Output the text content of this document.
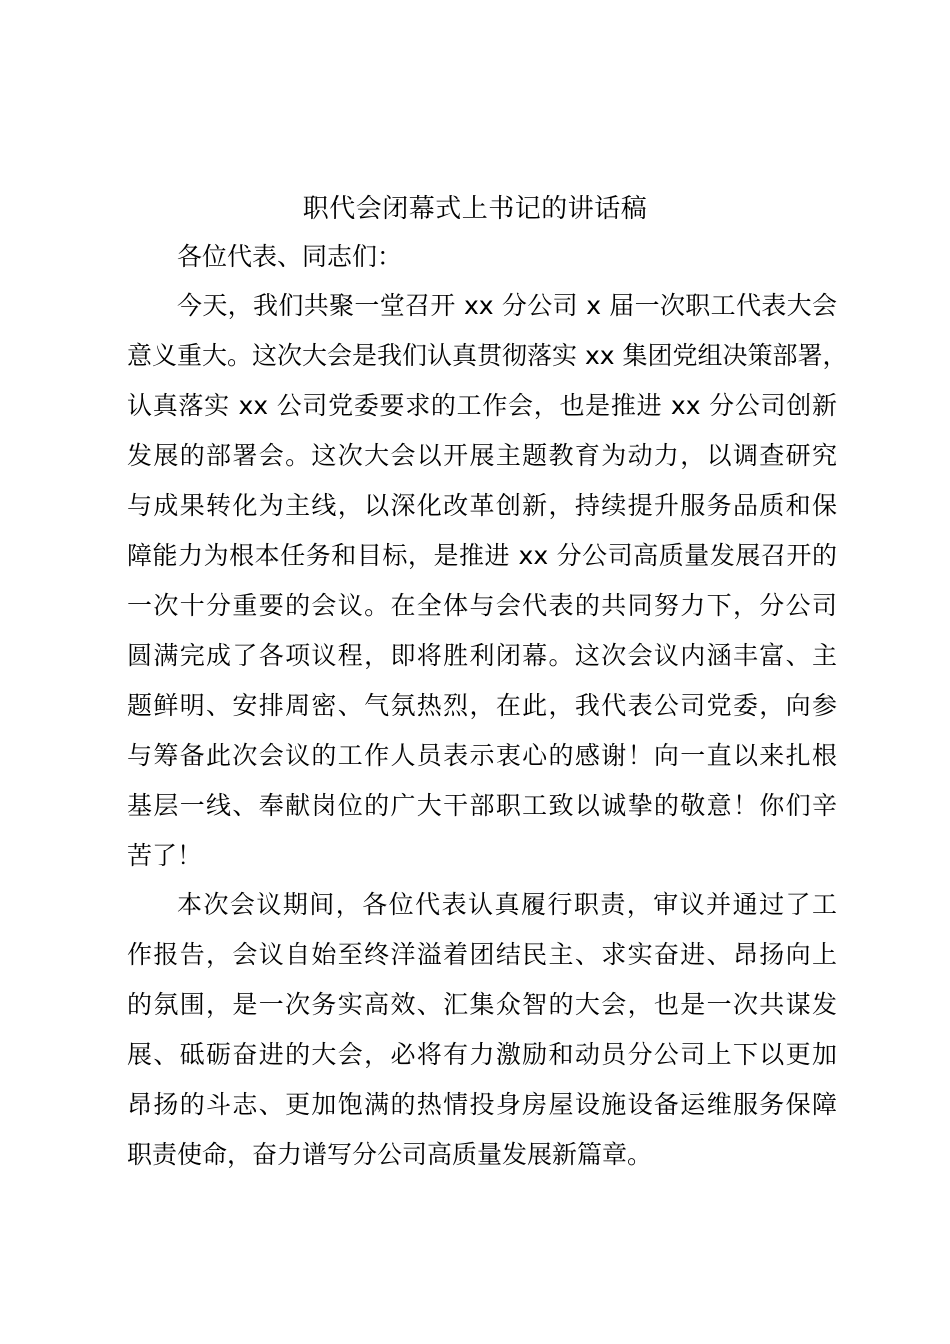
职代会闭幕式上书记的讲话稿
各位代表、同志们：
今天，我们共聚一堂召开 xx 分公司 x 届一次职工代表大会
意义重大。这次大会是我们认真贯彻落实 xx 集团党组决策部署，
认真落实 xx 公司党委要求的工作会，也是推进 xx 分公司创新
发展的部署会。这次大会以开展主题教育为动力，以调查研究
与成果转化为主线，以深化改革创新，持续提升服务品质和保
障能力为根本任务和目标，是推进 xx 分公司高质量发展召开的
一次十分重要的会议。在全体与会代表的共同努力下，分公司
圆满完成了各项议程，即将胜利闭幕。这次会议内涵丰富、主
题鲜明、安排周密、气氛热烈，在此，我代表公司党委，向参
与筹备此次会议的工作人员表示衷心的感谢！向一直以来扎根
基层一线、奉献岗位的广大干部职工致以诚挚的敬意！你们辛
苦了！
本次会议期间，各位代表认真履行职责，审议并通过了工
作报告，会议自始至终洋溢着团结民主、求实奋进、昂扬向上
的氛围，是一次务实高效、汇集众智的大会，也是一次共谋发
展、砥砺奋进的大会，必将有力激励和动员分公司上下以更加
昂扬的斗志、更加饱满的热情投身房屋设施设备运维服务保障
职责使命，奋力谱写分公司高质量发展新篇章。
